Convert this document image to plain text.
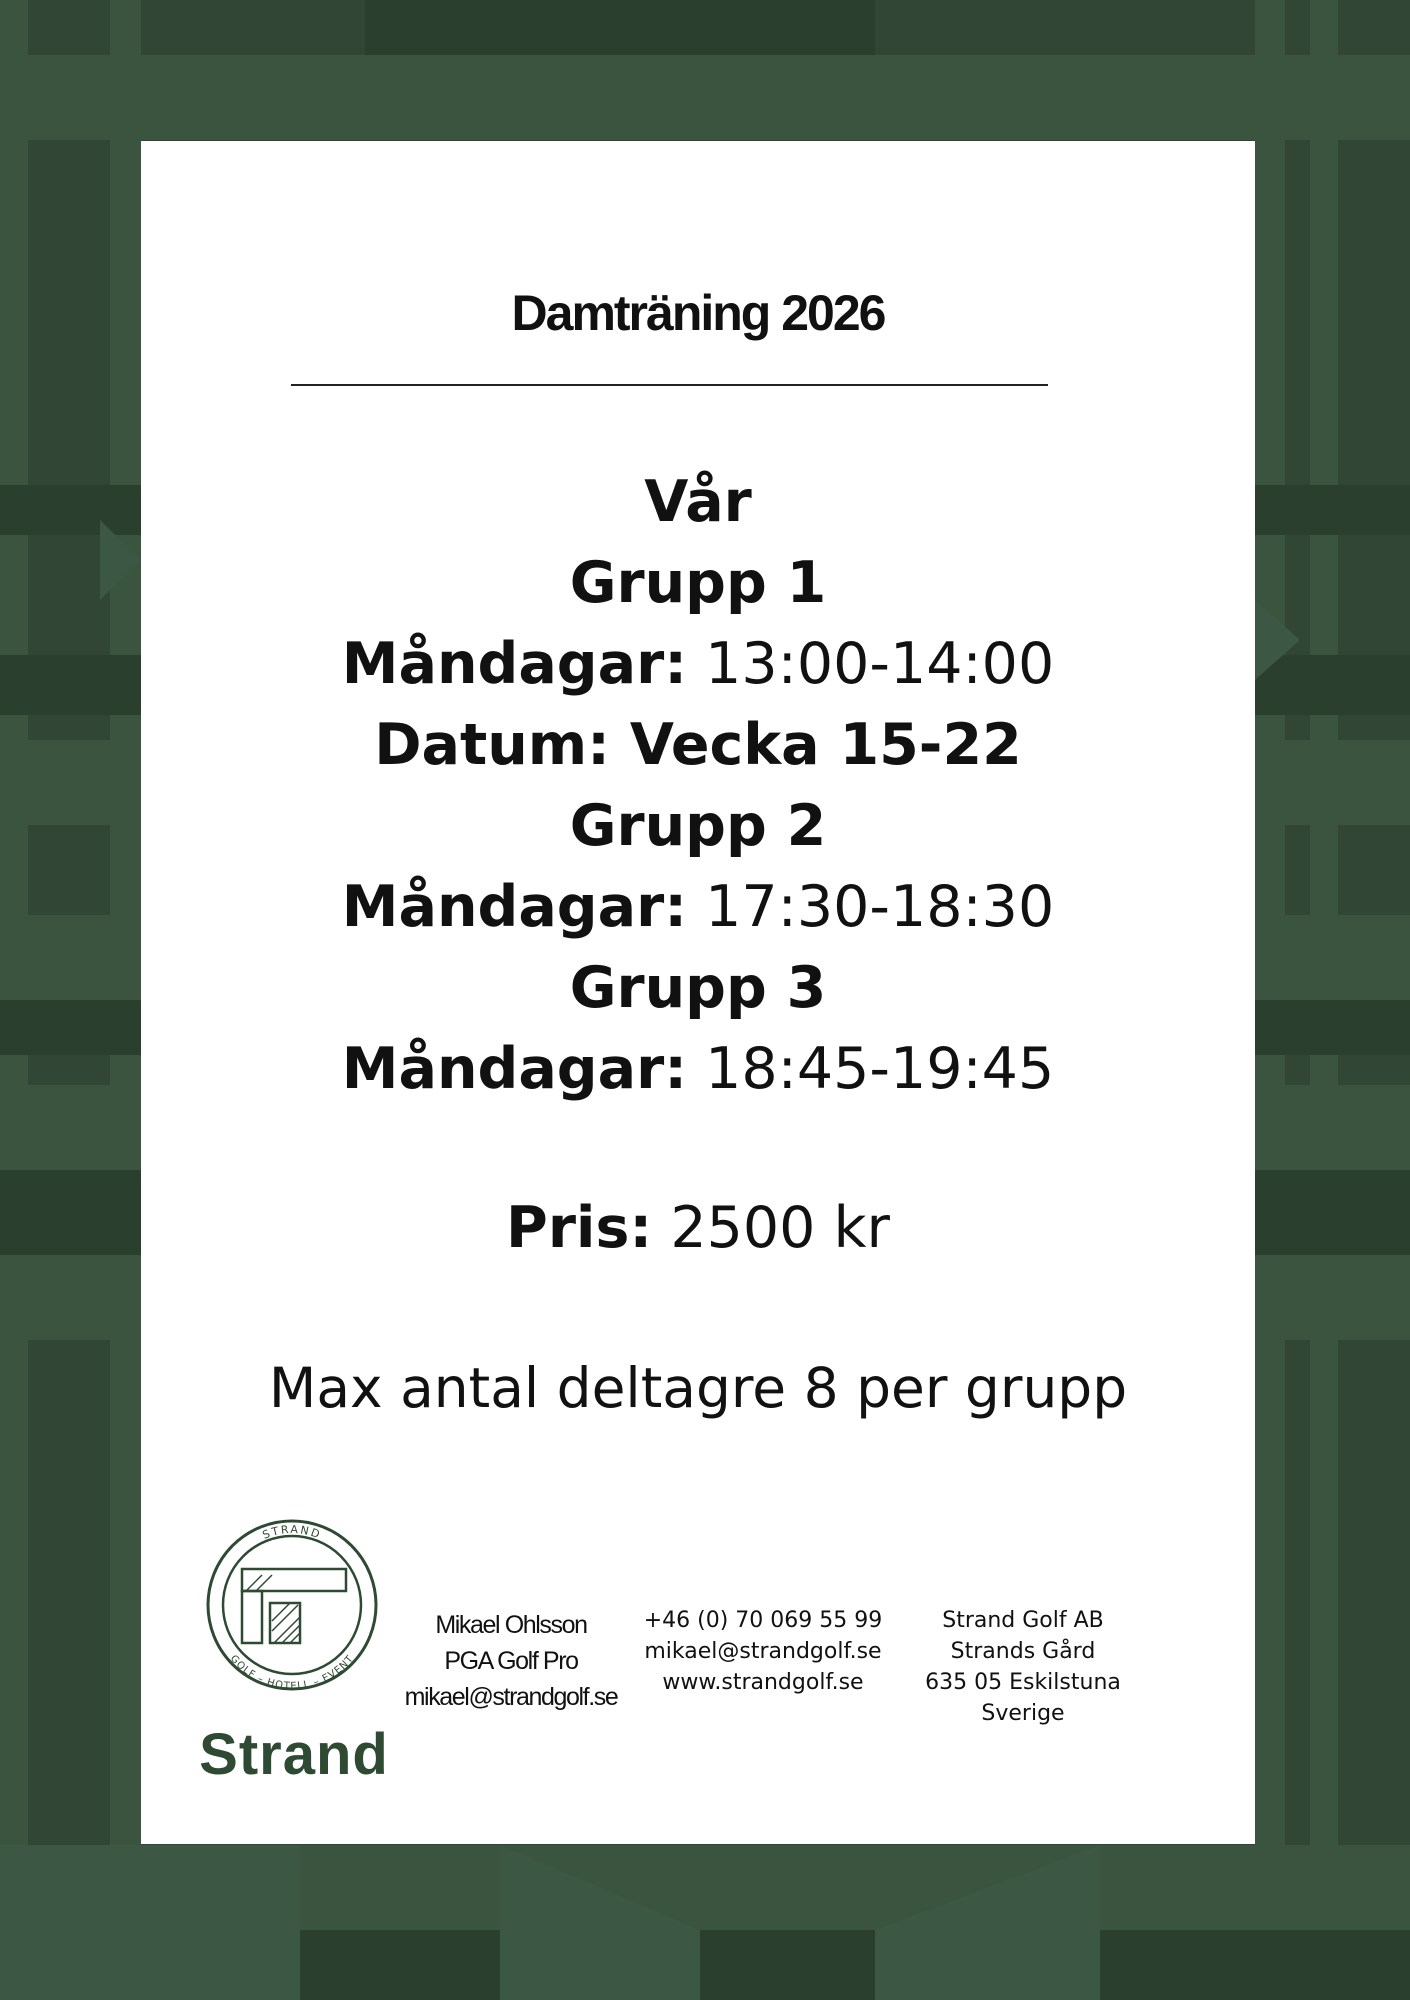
Damträning 2026
Vår
Grupp 1
Måndagar: 13:00-14:00
Datum: Vecka 15-22
Grupp 2
Måndagar: 17:30-18:30
Grupp 3
Måndagar: 18:45-19:45
Pris: 2500 kr
Max antal deltagre 8 per grupp
STRAND
GOLF – HOTELL – EVENT
Strand
Mikael Ohlsson
PGA Golf Pro
mikael@strandgolf.se
+46 (0) 70 069 55 99
mikael@strandgolf.se
www.strandgolf.se
Strand Golf AB
Strands Gård
635 05 Eskilstuna
Sverige
